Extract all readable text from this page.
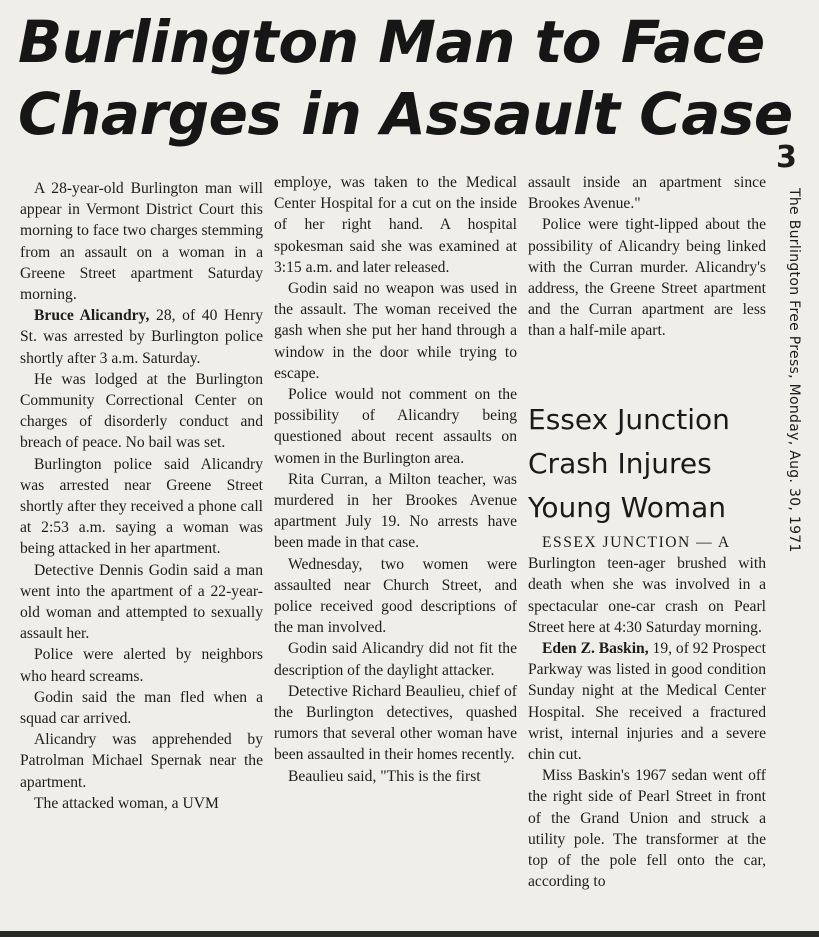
Burlington Man to Face
Charges in Assault Case
3
The Burlington Free Press, Monday, Aug. 30, 1971

A 28-year-old Burlington man will appear in Vermont District Court this morning to face two charges stemming from an assault on a woman in a Greene Street apartment Saturday morning.

Bruce Alicandry, 28, of 40 Henry St. was arrested by Burlington police shortly after 3 a.m. Saturday.

He was lodged at the Burlington Community Correctional Center on charges of disorderly conduct and breach of peace. No bail was set.

Burlington police said Alicandry was arrested near Greene Street shortly after they received a phone call at 2:53 a.m. saying a woman was being attacked in her apartment.

Detective Dennis Godin said a man went into the apartment of a 22-year-old woman and attempted to sexually assault her.

Police were alerted by neighbors who heard screams.

Godin said the man fled when a squad car arrived.

Alicandry was apprehended by Patrolman Michael Spernak near the apartment.

The attacked woman, a UVM

employe, was taken to the Medical Center Hospital for a cut on the inside of her right hand. A hospital spokesman said she was examined at 3:15 a.m. and later released.

Godin said no weapon was used in the assault. The woman received the gash when she put her hand through a window in the door while trying to escape.

Police would not comment on the possibility of Alicandry being questioned about recent assaults on women in the Burlington area.

Rita Curran, a Milton teacher, was murdered in her Brookes Avenue apartment July 19. No arrests have been made in that case.

Wednesday, two women were assaulted near Church Street, and police received good descriptions of the man involved.

Godin said Alicandry did not fit the description of the daylight attacker.

Detective Richard Beaulieu, chief of the Burlington detectives, quashed rumors that several other woman have been assaulted in their homes recently.

Beaulieu said, "This is the first

assault inside an apartment since Brookes Avenue."

Police were tight-lipped about the possibility of Alicandry being linked with the Curran murder. Alicandry's address, the Greene Street apartment and the Curran apartment are less than a half-mile apart.

Essex Junction
Crash Injures
Young Woman

ESSEX JUNCTION — A

Burlington teen-ager brushed with death when she was involved in a spectacular one-car crash on Pearl Street here at 4:30 Saturday morning.

Eden Z. Baskin, 19, of 92 Prospect Parkway was listed in good condition Sunday night at the Medical Center Hospital. She received a fractured wrist, internal injuries and a severe chin cut.

Miss Baskin's 1967 sedan went off the right side of Pearl Street in front of the Grand Union and struck a utility pole. The transformer at the top of the pole fell onto the car, according to
